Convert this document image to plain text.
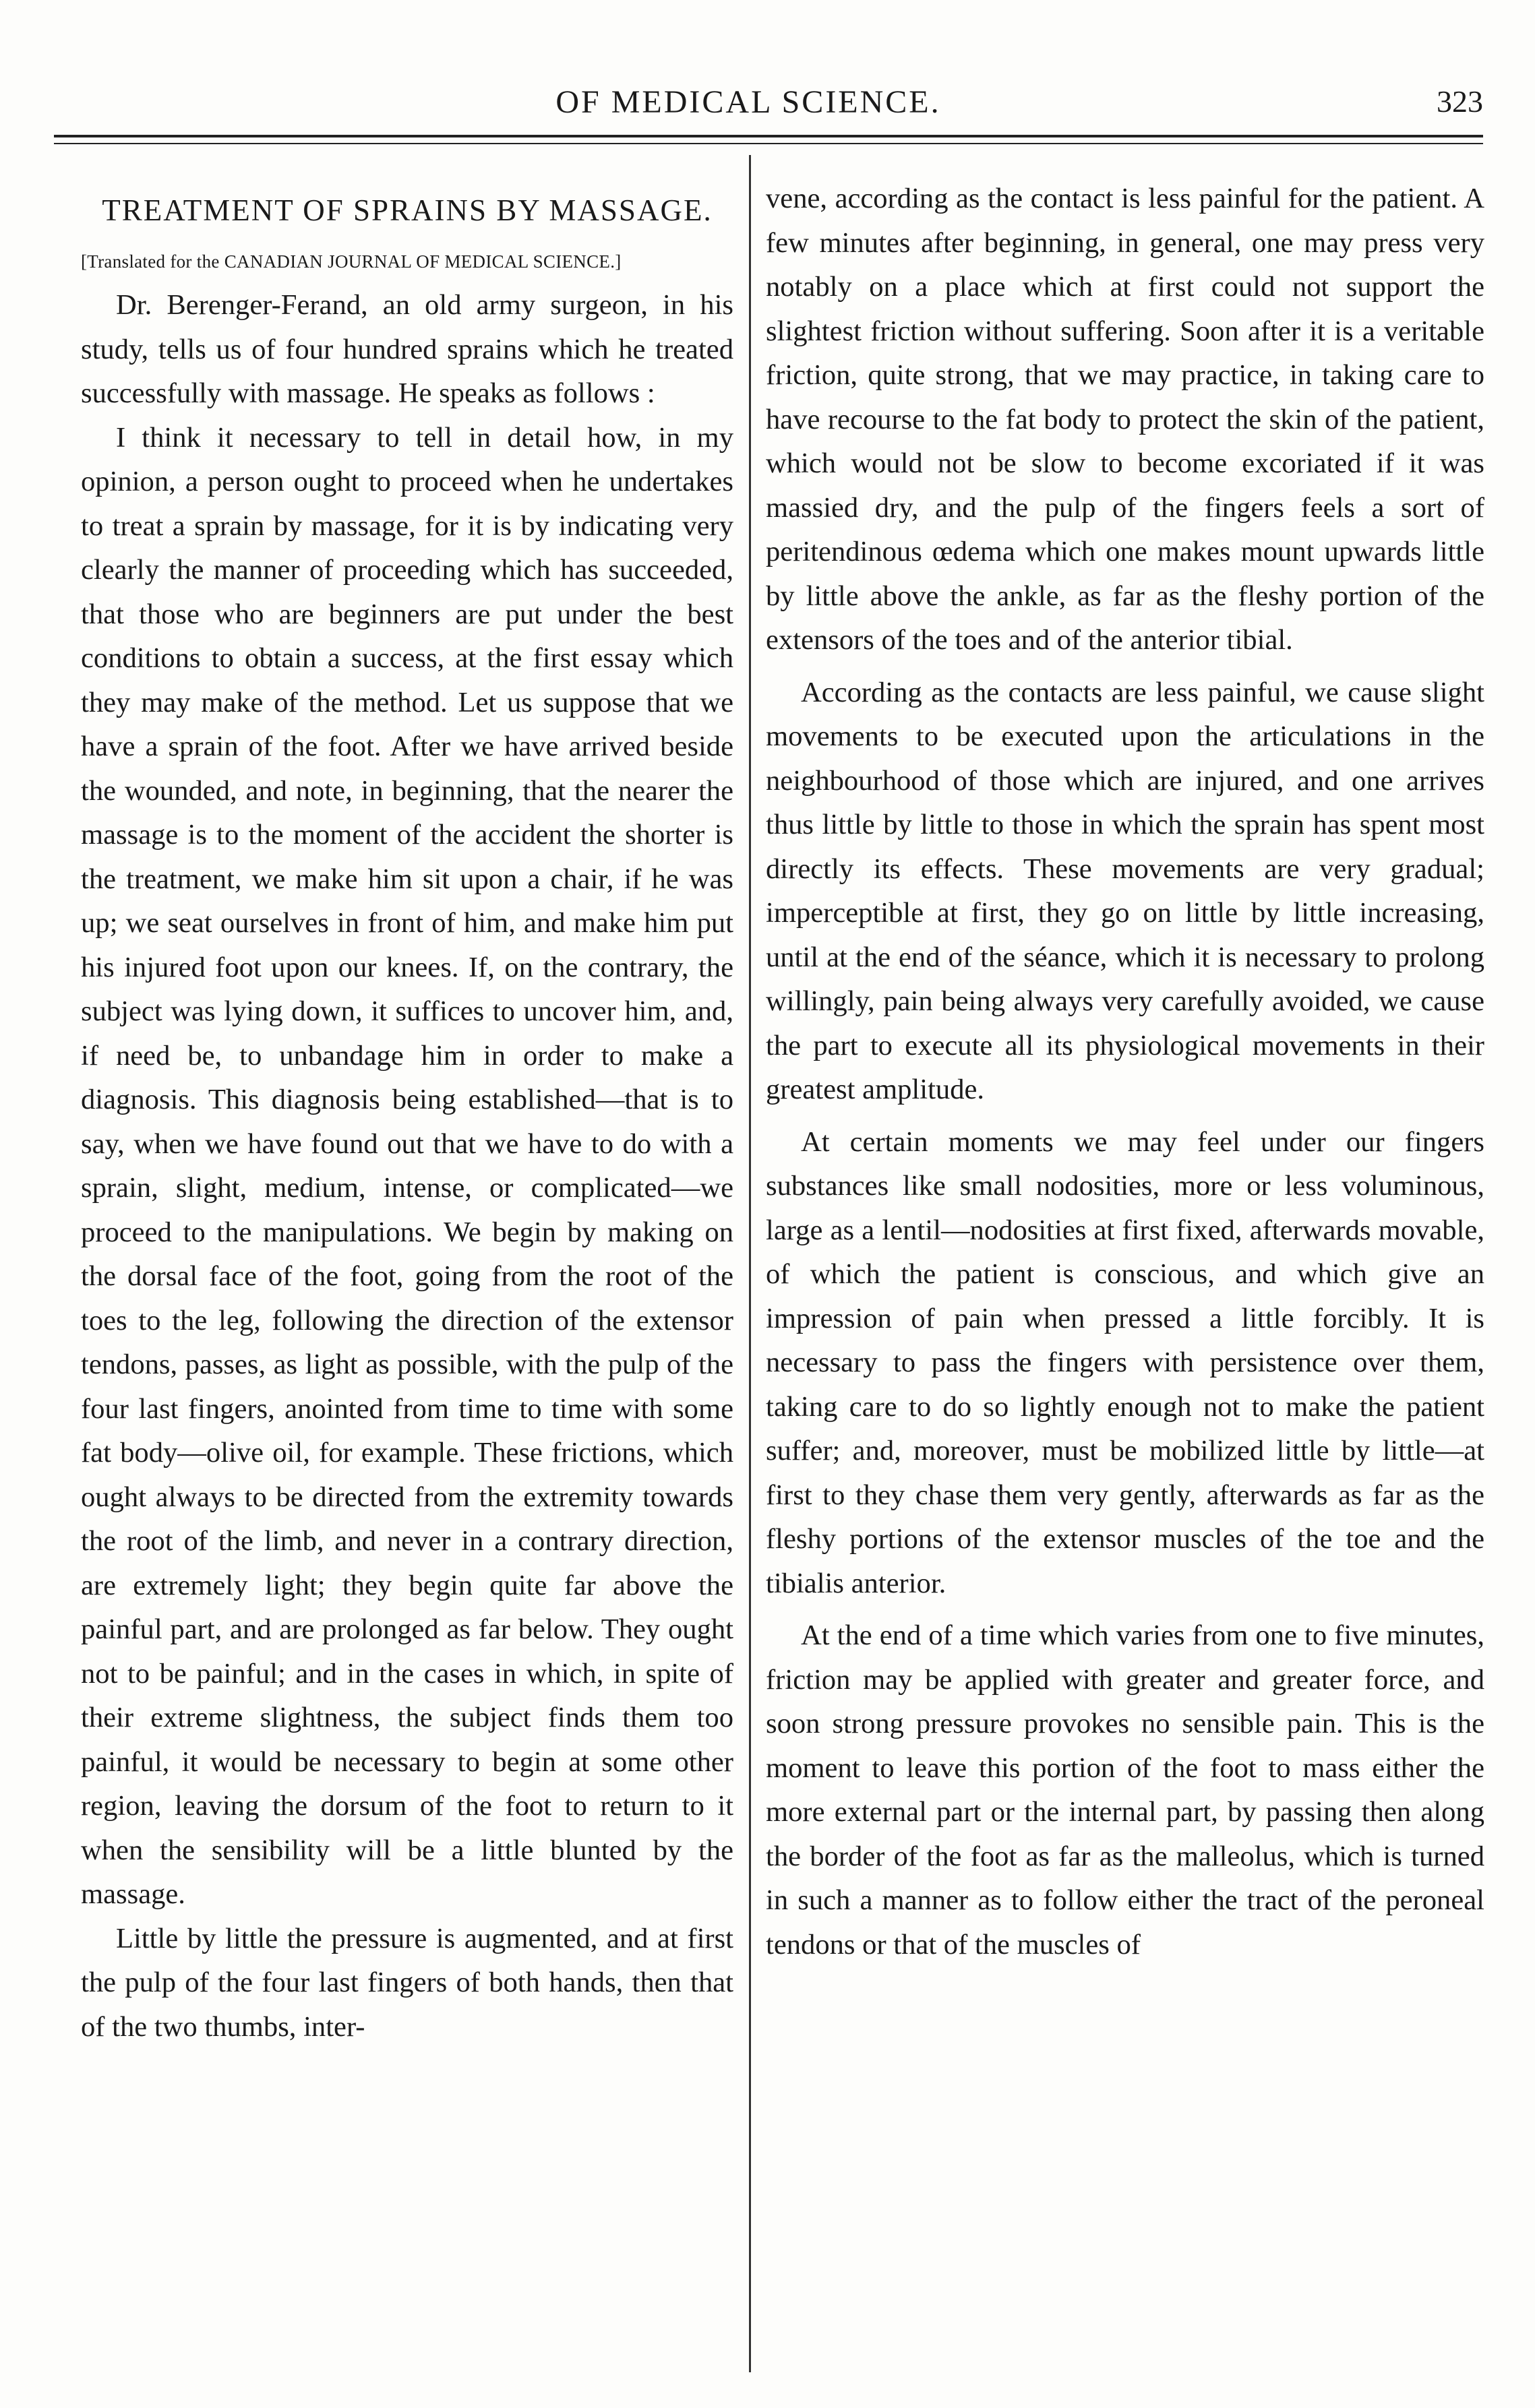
OF MEDICAL SCIENCE.	323
TREATMENT OF SPRAINS BY MASSAGE.
[Translated for the CANADIAN JOURNAL OF MEDICAL SCIENCE.]

Dr. Berenger-Ferand, an old army surgeon, in his study, tells us of four hundred sprains which he treated successfully with massage. He speaks as follows :

I think it necessary to tell in detail how, in my opinion, a person ought to proceed when he undertakes to treat a sprain by massage, for it is by indicating very clearly the manner of proceeding which has succeeded, that those who are beginners are put under the best conditions to obtain a success, at the first essay which they may make of the method. Let us suppose that we have a sprain of the foot. After we have arrived beside the wounded, and note, in beginning, that the nearer the massage is to the moment of the accident the shorter is the treatment, we make him sit upon a chair, if he was up; we seat ourselves in front of him, and make him put his injured foot upon our knees. If, on the contrary, the subject was lying down, it suffices to uncover him, and, if need be, to unbandage him in order to make a diagnosis. This diagnosis being established—that is to say, when we have found out that we have to do with a sprain, slight, medium, intense, or complicated—we proceed to the manipulations. We begin by making on the dorsal face of the foot, going from the root of the toes to the leg, following the direction of the extensor tendons, passes, as light as possible, with the pulp of the four last fingers, anointed from time to time with some fat body—olive oil, for example. These frictions, which ought always to be directed from the extremity towards the root of the limb, and never in a contrary direction, are extremely light; they begin quite far above the painful part, and are prolonged as far below. They ought not to be painful; and in the cases in which, in spite of their extreme slightness, the subject finds them too painful, it would be necessary to begin at some other region, leaving the dorsum of the foot to return to it when the sensibility will be a little blunted by the massage.

Little by little the pressure is augmented, and at first the pulp of the four last fingers of both hands, then that of the two thumbs, inter-

vene, according as the contact is less painful for the patient. A few minutes after beginning, in general, one may press very notably on a place which at first could not support the slightest friction without suffering. Soon after it is a veritable friction, quite strong, that we may practice, in taking care to have recourse to the fat body to protect the skin of the patient, which would not be slow to become excoriated if it was massied dry, and the pulp of the fingers feels a sort of peritendinous œdema which one makes mount upwards little by little above the ankle, as far as the fleshy portion of the extensors of the toes and of the anterior tibial.

According as the contacts are less painful, we cause slight movements to be executed upon the articulations in the neighbourhood of those which are injured, and one arrives thus little by little to those in which the sprain has spent most directly its effects. These movements are very gradual; imperceptible at first, they go on little by little increasing, until at the end of the séance, which it is necessary to prolong willingly, pain being always very carefully avoided, we cause the part to execute all its physiological movements in their greatest amplitude.

At certain moments we may feel under our fingers substances like small nodosities, more or less voluminous, large as a lentil—nodosities at first fixed, afterwards movable, of which the patient is conscious, and which give an impression of pain when pressed a little forcibly. It is necessary to pass the fingers with persistence over them, taking care to do so lightly enough not to make the patient suffer; and, moreover, must be mobilized little by little—at first to they chase them very gently, afterwards as far as the fleshy portions of the extensor muscles of the toe and the tibialis anterior.

At the end of a time which varies from one to five minutes, friction may be applied with greater and greater force, and soon strong pressure provokes no sensible pain. This is the moment to leave this portion of the foot to mass either the more external part or the internal part, by passing then along the border of the foot as far as the malleolus, which is turned in such a manner as to follow either the tract of the peroneal tendons or that of the muscles of
